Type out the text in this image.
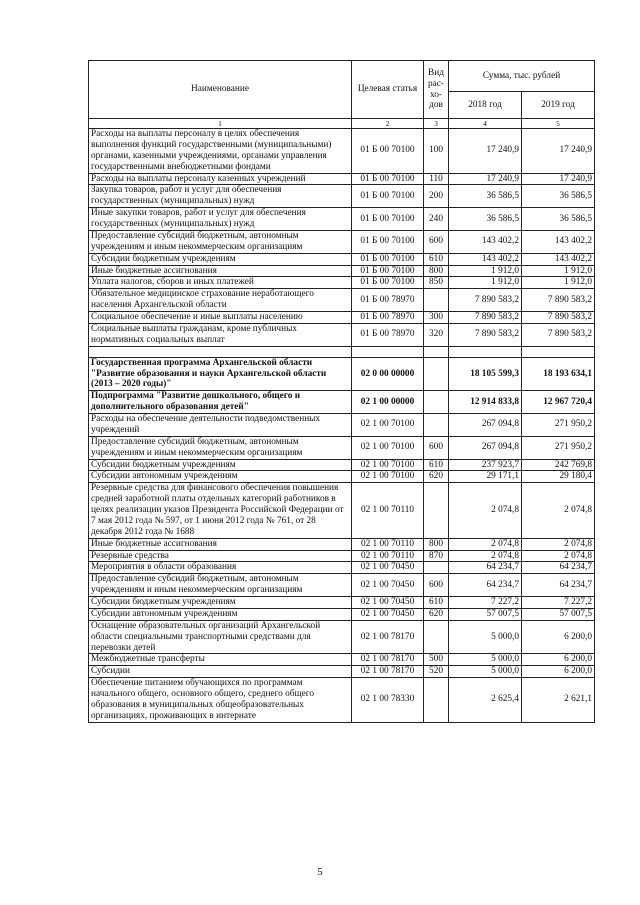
Наименование	Целевая статья	Вид
рас-
хо-
дов	Сумма, тыс. рублей	
			2018 год	2019 год
1	2	3	4	5
Расходы на выплаты персоналу в целях обеспечения выполнения функций государственными (муниципальными) органами, казенными учреждениями, органами управления государственными внебюджетными фондами	01 Б 00 70100	100	17 240,9	17 240,9
Расходы на выплаты персоналу казенных учреждений	01 Б 00 70100	110	17 240,9	17 240,9
Закупка товаров, работ и услуг для обеспечения государственных (муниципальных) нужд	01 Б 00 70100	200	36 586,5	36 586,5
Иные закупки товаров, работ и услуг для обеспечения государственных (муниципальных) нужд	01 Б 00 70100	240	36 586,5	36 586,5
Предоставление субсидий бюджетным, автономным учреждениям и иным некоммерческим организациям	01 Б 00 70100	600	143 402,2	143 402,2
Субсидии бюджетным учреждениям	01 Б 00 70100	610	143 402,2	143 402,2
Иные бюджетные ассигнования	01 Б 00 70100	800	1 912,0	1 912,0
Уплата налогов, сборов и иных платежей	01 Б 00 70100	850	1 912,0	1 912,0
Обязательное медицинское страхование неработающего населения Архангельской области	01 Б 00 78970		7 890 583,2	7 890 583,2
Социальное обеспечение и иные выплаты населению	01 Б 00 78970	300	7 890 583,2	7 890 583,2
Социальные выплаты гражданам, кроме публичных нормативных социальных выплат	01 Б 00 78970	320	7 890 583,2	7 890 583,2

Государственная программа Архангельской области "Развитие образования и науки Архангельской области (2013 – 2020 годы)"	02 0 00 00000		18 105 599,3	18 193 634,1
Подпрограмма "Развитие дошкольного, общего и дополнительного образования детей"	02 1 00 00000		12 914 833,8	12 967 720,4
Расходы на обеспечение деятельности подведомственных учреждений	02 1 00 70100		267 094,8	271 950,2
Предоставление субсидий бюджетным, автономным учреждениям и иным некоммерческим организациям	02 1 00 70100	600	267 094,8	271 950,2
Субсидии бюджетным учреждениям	02 1 00 70100	610	237 923,7	242 769,8
Субсидии автономным учреждениям	02 1 00 70100	620	29 171,1	29 180,4
Резервные средства для финансового обеспечения повышения средней заработной платы отдельных категорий работников в целях реализации указов Президента Российской Федерации от 7 мая 2012 года № 597, от 1 июня 2012 года № 761, от 28 декабря 2012 года № 1688	02 1 00 70110		2 074,8	2 074,8
Иные бюджетные ассигнования	02 1 00 70110	800	2 074,8	2 074,8
Резервные средства	02 1 00 70110	870	2 074,8	2 074,8
Мероприятия в области образования	02 1 00 70450		64 234,7	64 234,7
Предоставление субсидий бюджетным, автономным учреждениям и иным некоммерческим организациям	02 1 00 70450	600	64 234,7	64 234,7
Субсидии бюджетным учреждениям	02 1 00 70450	610	7 227,2	7 227,2
Субсидии автономным учреждениям	02 1 00 70450	620	57 007,5	57 007,5
Оснащение образовательных организаций Архангельской области специальными транспортными средствами для перевозки детей	02 1 00 78170		5 000,0	6 200,0
Межбюджетные трансферты	02 1 00 78170	500	5 000,0	6 200,0
Субсидии	02 1 00 78170	520	5 000,0	6 200,0
Обеспечение питанием обучающихся по программам начального общего, основного общего, среднего общего образования в муниципальных общеобразовательных организациях, проживающих в интернате	02 1 00 78330		2 625,4	2 621,1
5
